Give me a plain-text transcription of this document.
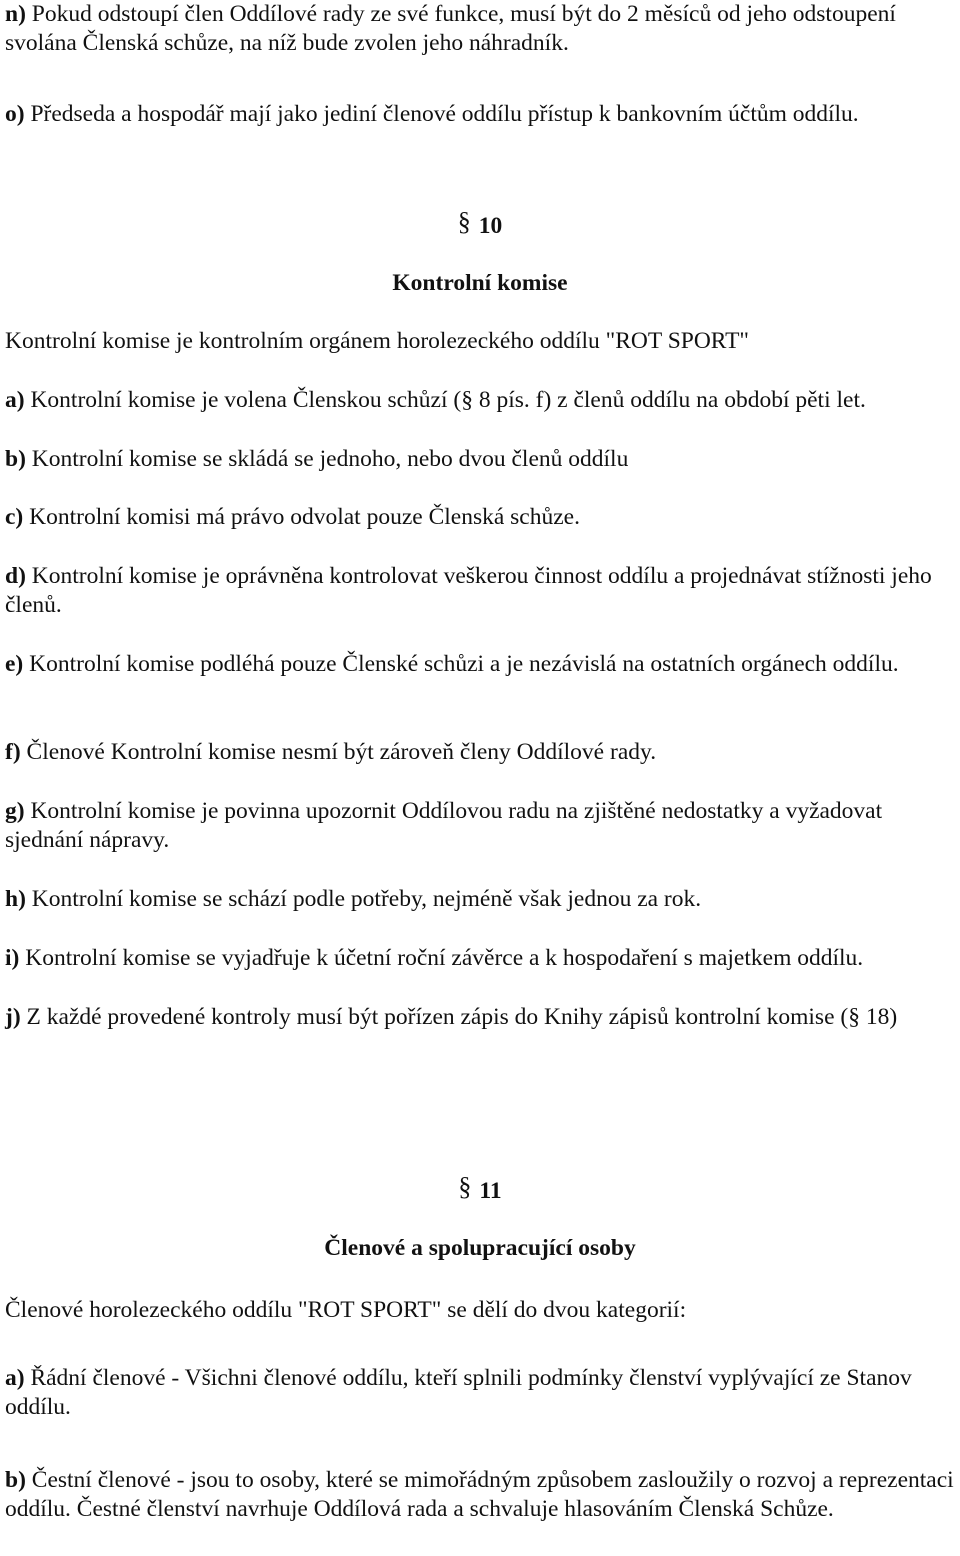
n) Pokud odstoupí člen Oddílové rady ze své funkce, musí být do 2 měsíců od jeho odstoupení svolána Členská schůze, na níž bude zvolen jeho náhradník.

o) Předseda a hospodář mají jako jediní členové oddílu přístup k bankovním účtům oddílu.

§ 10

Kontrolní komise

Kontrolní komise je kontrolním orgánem horolezeckého oddílu "ROT SPORT"

a) Kontrolní komise je volena Členskou schůzí (§ 8 pís. f) z členů oddílu na období pěti let.

b) Kontrolní komise se skládá se jednoho, nebo dvou členů oddílu

c) Kontrolní komisi má právo odvolat pouze Členská schůze.

d) Kontrolní komise je oprávněna kontrolovat veškerou činnost oddílu a projednávat stížnosti jeho členů.

e) Kontrolní komise podléhá pouze Členské schůzi a je nezávislá na ostatních orgánech oddílu.

f) Členové Kontrolní komise nesmí být zároveň členy Oddílové rady.

g) Kontrolní komise je povinna upozornit Oddílovou radu na zjištěné nedostatky a vyžadovat sjednání nápravy.

h) Kontrolní komise se schází podle potřeby, nejméně však jednou za rok.

i) Kontrolní komise se vyjadřuje k účetní roční závěrce a k hospodaření s majetkem oddílu.

j) Z každé provedené kontroly musí být pořízen zápis do Knihy zápisů kontrolní komise (§ 18)

§ 11

Členové a spolupracující osoby

Členové horolezeckého oddílu "ROT SPORT" se dělí do dvou kategorií:

a) Řádní členové - Všichni členové oddílu, kteří splnili podmínky členství vyplývající ze Stanov oddílu.

b) Čestní členové - jsou to osoby, které se mimořádným způsobem zasloužily o rozvoj a reprezentaci oddílu. Čestné členství navrhuje Oddílová rada a schvaluje hlasováním Členská Schůze.
